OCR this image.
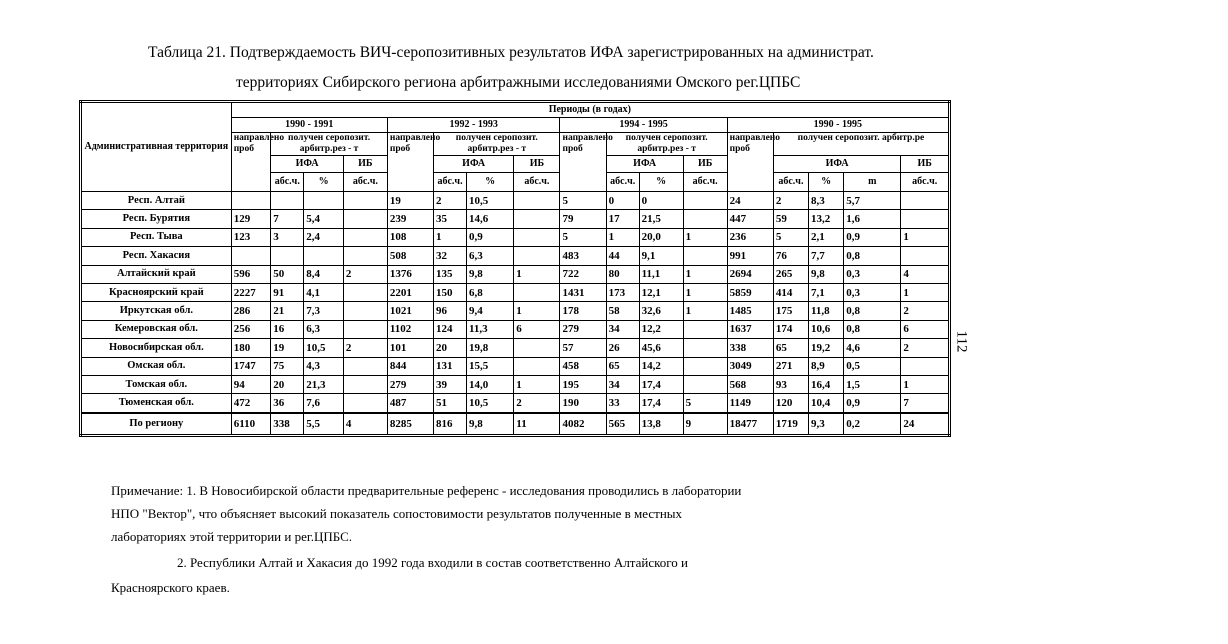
Таблица 21. Подтверждаемость ВИЧ-серопозитивных результатов ИФА зарегистрированных на администрат.
территориях Сибирского региона арбитражными исследованиями Омского рег.ЦПБС
Административная территория	Периоды (в годах)																
	1990 - 1991				1992 - 1993				1994 - 1995				1990 - 1995				
	направлено проб	получен серопозит. арбитр.рез - т			направлено проб	получен серопозит. арбитр.рез - т			направлено проб	получен серопозит. арбитр.рез - т			направлено проб	получен серопозит. арбитр.ре			
		ИФА		ИБ		ИФА		ИБ		ИФА		ИБ		ИФА			ИБ
		абс.ч.	%	абс.ч.		абс.ч.	%	абс.ч.		абс.ч.	%	абс.ч.		абс.ч.	%	m	абс.ч.
Респ. Алтай					19	2	10,5		5	0	0		24	2	8,3	5,7	
Респ. Бурятия	129	7	5,4		239	35	14,6		79	17	21,5		447	59	13,2	1,6	
Респ. Тыва	123	3	2,4		108	1	0,9		5	1	20,0	1	236	5	2,1	0,9	1
Респ. Хакасия					508	32	6,3		483	44	9,1		991	76	7,7	0,8	
Алтайский край	596	50	8,4	2	1376	135	9,8	1	722	80	11,1	1	2694	265	9,8	0,3	4
Красноярский край	2227	91	4,1		2201	150	6,8		1431	173	12,1	1	5859	414	7,1	0,3	1
Иркутская обл.	286	21	7,3		1021	96	9,4	1	178	58	32,6	1	1485	175	11,8	0,8	2
Кемеровская обл.	256	16	6,3		1102	124	11,3	6	279	34	12,2		1637	174	10,6	0,8	6
Новосибирская обл.	180	19	10,5	2	101	20	19,8		57	26	45,6		338	65	19,2	4,6	2
Омская обл.	1747	75	4,3		844	131	15,5		458	65	14,2		3049	271	8,9	0,5	
Томская обл.	94	20	21,3		279	39	14,0	1	195	34	17,4		568	93	16,4	1,5	1
Тюменская обл.	472	36	7,6		487	51	10,5	2	190	33	17,4	5	1149	120	10,4	0,9	7
По региону	6110	338	5,5	4	8285	816	9,8	11	4082	565	13,8	9	18477	1719	9,3	0,2	24
Примечание: 1. В Новосибирской области предварительные референс - исследования проводились в лаборатории
НПО "Вектор", что объясняет высокий показатель сопостовимости результатов полученные в местных
лабораториях этой территории и рег.ЦПБС.
2. Республики Алтай и Хакасия до 1992 года входили в состав соответственно Алтайского и
Красноярского краев.
112
